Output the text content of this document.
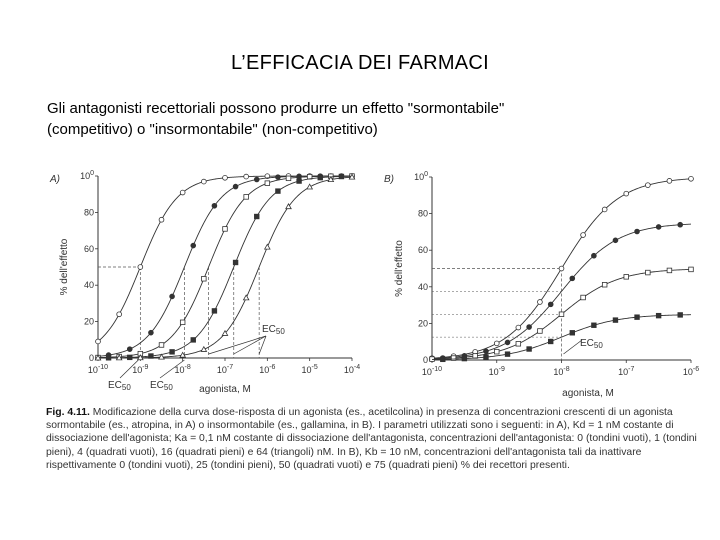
L’EFFICACIA DEI FARMACI
Gli antagonisti recettoriali possono produrre un effetto "sormontabile"
(competitivo) o "insormontabile" (non-competitivo)
0
20
40
60
80
$10^0$
$10^{-10}$	$10^{-9}$	$10^{-8}$	$10^{-7}$	$10^{-6}$	$10^{-5}$	$10^{-4}$
A)
% dell'effetto
agonista, M
$EC_{50}$ $EC_{50}$
$EC_{50}$
0
20
40
60
80
$10^0$
$10^{-10}$	$10^{-9}$	$10^{-8}$	$10^{-7}$	$10^{-6}$
B)
% dell'effetto
agonista, M
$EC_{50}$
Fig. 4.11. Modificazione della curva dose-risposta di un agonista (es., acetilcolina) in presenza di concentrazioni crescenti di un agonista sormontabile (es., atropina, in A) o insormontabile (es., gallamina, in B). I parametri utilizzati sono i seguenti: in A), Kd = 1 nM costante di dissociazione dell'agonista; Ka = 0,1 nM costante di dissociazione dell'antagonista, concentrazioni dell'antagonista: 0 (tondini vuoti), 1 (tondini pieni), 4 (quadrati vuoti), 16 (quadrati pieni) e 64 (triangoli) nM. In B), Kb = 10 nM, concentrazioni dell'antagonista tali da inattivare rispettivamente 0 (tondini vuoti), 25 (tondini pieni), 50 (quadrati vuoti) e 75 (quadrati pieni) % dei recettori presenti.
